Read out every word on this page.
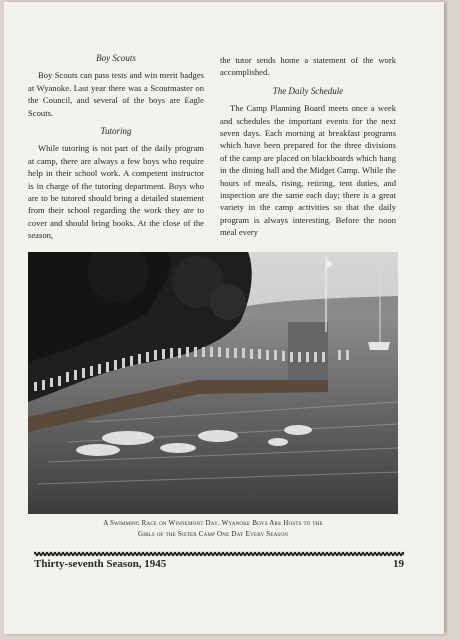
Boy Scouts

Boy Scouts can pass tests and win merit badges at Wyanoke. Last year there was a Scoutmaster on the Council, and several of the boys are Eagle Scouts.

Tutoring

While tutoring is not part of the daily program at camp, there are always a few boys who require help in their school work. A competent instructor is in charge of the tutoring department. Boys who are to be tutored should bring a detailed statement from their school regarding the work they are to cover and should bring books. At the close of the season,

the tutor sends home a statement of the work accomplished.

The Daily Schedule

The Camp Planning Board meets once a week and schedules the important events for the next seven days. Each morning at breakfast programs which have been prepared for the three divisions of the camp are placed on blackboards which hang in the dining hall and the Midget Camp. While the hours of meals, rising, retiring, tent duties, and inspection are the same each day; there is a great variety in the camp activities so that the daily program is always interesting. Before the noon meal every

A Swimming Race on Winnemont Day. Wyanoke Boys Are Hosts to the
Girls of the Sister Camp One Day Every Season
Thirty-seventh Season, 1945	19
